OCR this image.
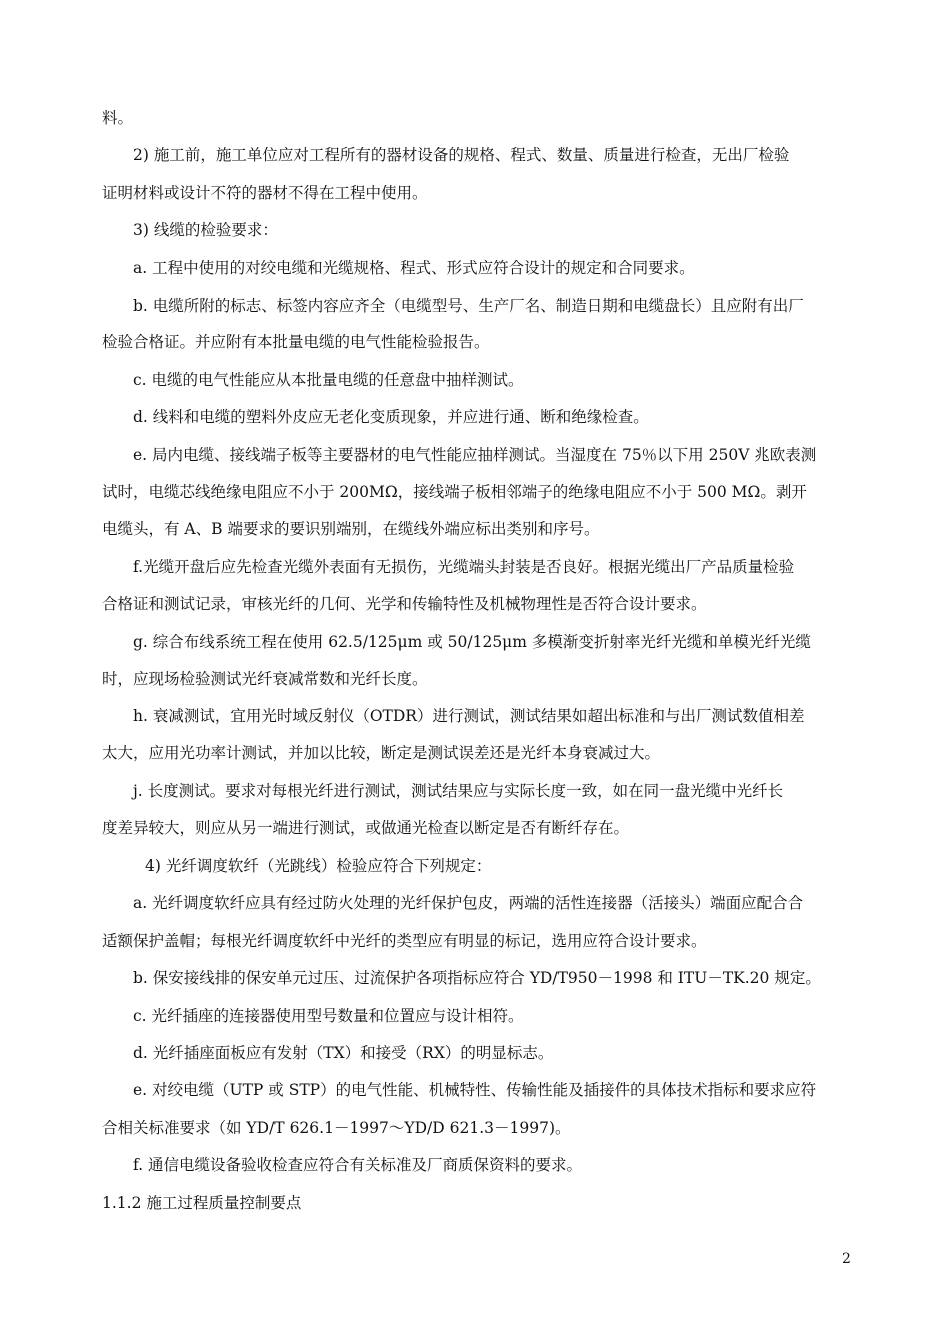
料。
2) 施工前，施工单位应对工程所有的器材设备的规格、程式、数量、质量进行检查，无出厂检验
证明材料或设计不符的器材不得在工程中使用。
3) 线缆的检验要求：
a. 工程中使用的对绞电缆和光缆规格、程式、形式应符合设计的规定和合同要求。
b. 电缆所附的标志、标签内容应齐全（电缆型号、生产厂名、制造日期和电缆盘长）且应附有出厂
检验合格证。并应附有本批量电缆的电气性能检验报告。
c. 电缆的电气性能应从本批量电缆的任意盘中抽样测试。
d. 线料和电缆的塑料外皮应无老化变质现象，并应进行通、断和绝缘检查。
e. 局内电缆、接线端子板等主要器材的电气性能应抽样测试。当湿度在 75％以下用 250V 兆欧表测
试时，电缆芯线绝缘电阻应不小于 200MΩ，接线端子板相邻端子的绝缘电阻应不小于 500 MΩ。剥开
电缆头，有 A、B 端要求的要识别端别，在缆线外端应标出类别和序号。
f.光缆开盘后应先检查光缆外表面有无损伤，光缆端头封装是否良好。根据光缆出厂产品质量检验
合格证和测试记录，审核光纤的几何、光学和传输特性及机械物理性是否符合设计要求。
g. 综合布线系统工程在使用 62.5/125μm 或 50/125μm 多模渐变折射率光纤光缆和单模光纤光缆
时，应现场检验测试光纤衰减常数和光纤长度。
h. 衰减测试，宜用光时域反射仪（OTDR）进行测试，测试结果如超出标准和与出厂测试数值相差
太大，应用光功率计测试，并加以比较，断定是测试误差还是光纤本身衰减过大。
j. 长度测试。要求对每根光纤进行测试，测试结果应与实际长度一致，如在同一盘光缆中光纤长
度差异较大，则应从另一端进行测试，或做通光检查以断定是否有断纤存在。
4) 光纤调度软纤（光跳线）检验应符合下列规定：
a. 光纤调度软纤应具有经过防火处理的光纤保护包皮，两端的活性连接器（活接头）端面应配合合
适额保护盖帽；每根光纤调度软纤中光纤的类型应有明显的标记，选用应符合设计要求。
b. 保安接线排的保安单元过压、过流保护各项指标应符合 YD/T950－1998 和 ITU－TK.20 规定。
c. 光纤插座的连接器使用型号数量和位置应与设计相符。
d. 光纤插座面板应有发射（TX）和接受（RX）的明显标志。
e. 对绞电缆（UTP 或 STP）的电气性能、机械特性、传输性能及插接件的具体技术指标和要求应符
合相关标准要求（如 YD/T 626.1－1997～YD/D 621.3－1997)。
f. 通信电缆设备验收检查应符合有关标准及厂商质保资料的要求。
1.1.2 施工过程质量控制要点
2
